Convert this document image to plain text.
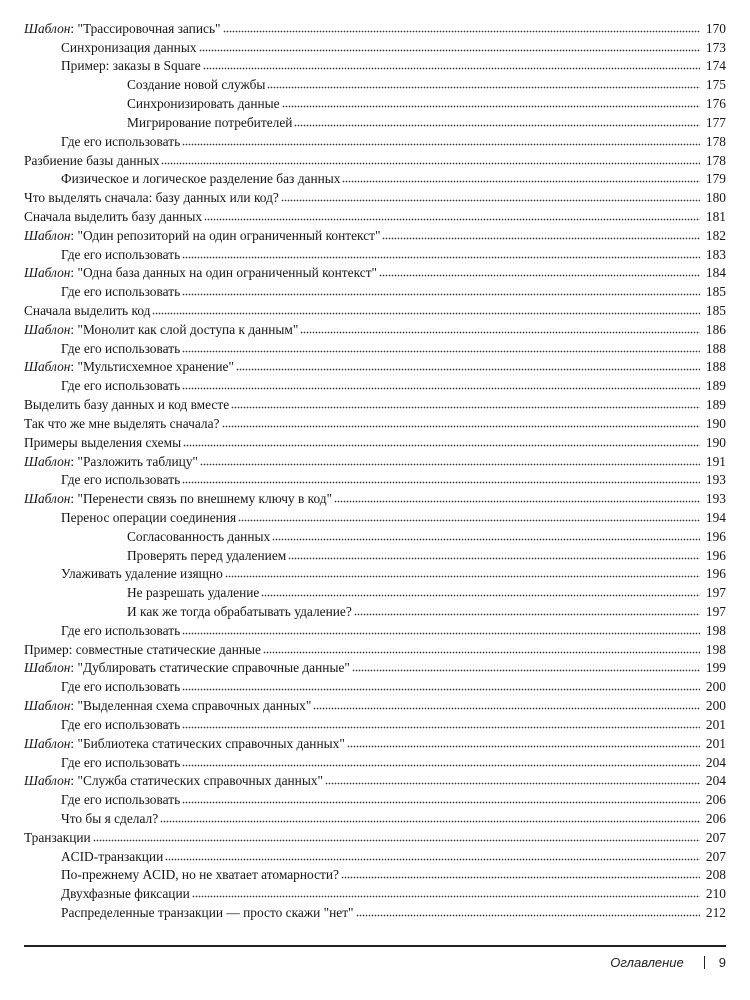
Шаблон: "Трассировочная запись"	170
Синхронизация данных	173
Пример: заказы в Square	174
Создание новой службы	175
Синхронизировать данные	176
Мигрирование потребителей	177
Где его использовать	178
Разбиение базы данных	178
Физическое и логическое разделение баз данных	179
Что выделять сначала: базу данных или код?	180
Сначала выделить базу данных	181
Шаблон: "Один репозиторий на один ограниченный контекст"	182
Где его использовать	183
Шаблон: "Одна база данных на один ограниченный контекст"	184
Где его использовать	185
Сначала выделить код	185
Шаблон: "Монолит как слой доступа к данным"	186
Где его использовать	188
Шаблон: "Мультисхемное хранение"	188
Где его использовать	189
Выделить базу данных и код вместе	189
Так что же мне выделять сначала?	190
Примеры выделения схемы	190
Шаблон: "Разложить таблицу"	191
Где его использовать	193
Шаблон: "Перенести связь по внешнему ключу в код"	193
Перенос операции соединения	194
Согласованность данных	196
Проверять перед удалением	196
Улаживать удаление изящно	196
Не разрешать удаление	197
И как же тогда обрабатывать удаление?	197
Где его использовать	198
Пример: совместные статические данные	198
Шаблон: "Дублировать статические справочные данные"	199
Где его использовать	200
Шаблон: "Выделенная схема справочных данных"	200
Где его использовать	201
Шаблон: "Библиотека статических справочных данных"	201
Где его использовать	204
Шаблон: "Служба статических справочных данных"	204
Где его использовать	206
Что бы я сделал?	206
Транзакции	207
ACID-транзакции	207
По-прежнему ACID, но не хватает атомарности?	208
Двухфазные фиксации	210
Распределенные транзакции — просто скажи "нет"	212
Оглавление	9
